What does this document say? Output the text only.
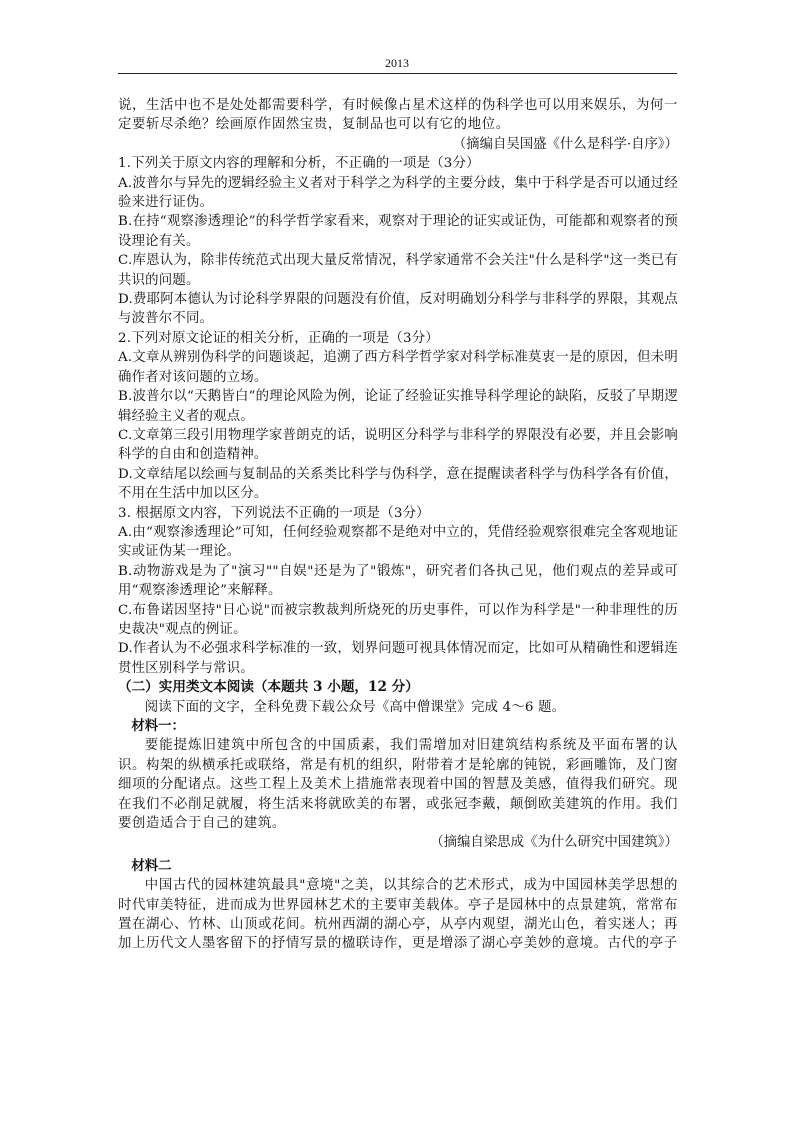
2013

说，生活中也不是处处都需要科学，有时候像占星术这样的伪科学也可以用来娱乐，为何一定要斩尽杀绝？绘画原作固然宝贵，复制品也可以有它的地位。

（摘编自吴国盛《什么是科学·自序》）

1.下列关于原文内容的理解和分析，不正确的一项是（3分）

A.波普尔与异先的逻辑经验主义者对于科学之为科学的主要分歧，集中于科学是否可以通过经验来进行证伪。

B.在持“观察渗透理论”的科学哲学家看来，观察对于理论的证实或证伪，可能都和观察者的预设理论有关。

C.库恩认为，除非传统范式出现大量反常情况，科学家通常不会关注"什么是科学"这一类已有共识的问题。

D.费耶阿本德认为讨论科学界限的问题没有价值，反对明确划分科学与非科学的界限，其观点与波普尔不同。

2.下列对原文论证的相关分析，正确的一项是（3分）

A.文章从辨别伪科学的问题谈起，追溯了西方科学哲学家对科学标准莫衷一是的原因，但未明确作者对该问题的立场。

B.波普尔以“天鹅皆白”的理论风险为例，论证了经验证实推导科学理论的缺陷，反驳了早期逻辑经验主义者的观点。

C.文章第三段引用物理学家普朗克的话，说明区分科学与非科学的界限没有必要，并且会影响科学的自由和创造精神。

D.文章结尾以绘画与复制品的关系类比科学与伪科学，意在提醒读者科学与伪科学各有价值，不用在生活中加以区分。

3. 根据原文内容，下列说法不正确的一项是（3分）

A.由“观察渗透理论”可知，任何经验观察都不是绝对中立的，凭借经验观察很难完全客观地证实或证伪某一理论。

B.动物游戏是为了"演习""自娱"还是为了"锻炼"，研究者们各执己见，他们观点的差异或可用“观察渗透理论”来解释。

C.布鲁诺因坚持"日心说"而被宗教裁判所烧死的历史事件，可以作为科学是"一种非理性的历史裁决"观点的例证。

D.作者认为不必强求科学标准的一致，划界问题可视具体情况而定，比如可从精确性和逻辑连贯性区别科学与常识。

（二）实用类文本阅读（本题共 3 小题，12 分）

阅读下面的文字，全科免费下载公众号《高中僧课堂》完成 4～6 题。

材料一：

要能提炼旧建筑中所包含的中国质素，我们需增加对旧建筑结构系统及平面布署的认识。构架的纵横承托或联络，常是有机的组织，附带着才是轮廓的钝锐，彩画雕饰，及门窗细项的分配诸点。这些工程上及美术上措施常表现着中国的智慧及美感，值得我们研究。现在我们不必削足就履，将生活来将就欧美的布署，或张冠李戴，颠倒欧美建筑的作用。我们要创造适合于自己的建筑。

（摘编自梁思成《为什么研究中国建筑》）

材料二

中国古代的园林建筑最具"意境"之美，以其综合的艺术形式，成为中国园林美学思想的时代审美特征，进而成为世界园林艺术的主要审美载体。亭子是园林中的点景建筑，常常布置在湖心、竹林、山顶或花间。杭州西湖的湖心亭，从亭内观望，湖光山色，着实迷人；再加上历代文人墨客留下的抒情写景的楹联诗作，更是增添了湖心亭美妙的意境。古代的亭子
